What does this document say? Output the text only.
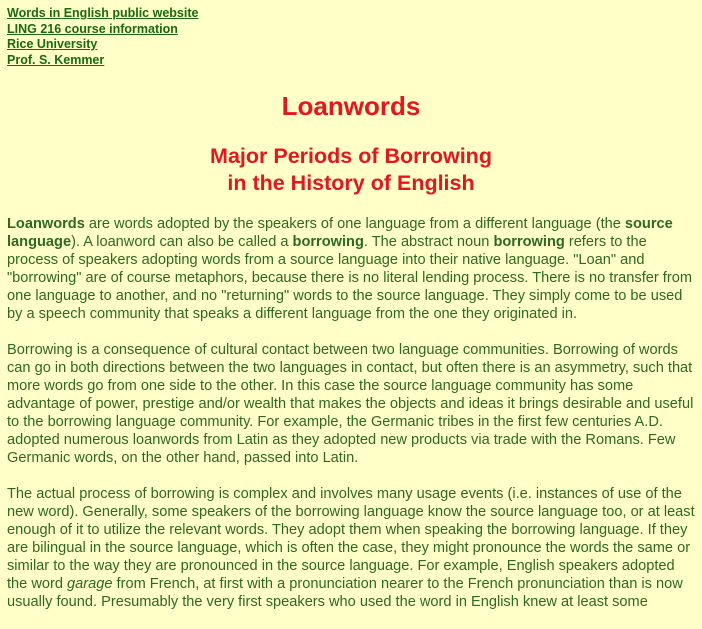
Words in English public website
LING 216 course information
Rice University
Prof. S. Kemmer
Loanwords
Major Periods of Borrowing
in the History of English

Loanwords are words adopted by the speakers of one language from a different language (the source language). A loanword can also be called a borrowing. The abstract noun borrowing refers to the process of speakers adopting words from a source language into their native language. "Loan" and "borrowing" are of course metaphors, because there is no literal lending process. There is no transfer from one language to another, and no "returning" words to the source language. They simply come to be used by a speech community that speaks a different language from the one they originated in.

Borrowing is a consequence of cultural contact between two language communities. Borrowing of words can go in both directions between the two languages in contact, but often there is an asymmetry, such that more words go from one side to the other. In this case the source language community has some advantage of power, prestige and/or wealth that makes the objects and ideas it brings desirable and useful to the borrowing language community. For example, the Germanic tribes in the first few centuries A.D. adopted numerous loanwords from Latin as they adopted new products via trade with the Romans. Few Germanic words, on the other hand, passed into Latin.

The actual process of borrowing is complex and involves many usage events (i.e. instances of use of the new word). Generally, some speakers of the borrowing language know the source language too, or at least enough of it to utilize the relevant words. They adopt them when speaking the borrowing language. If they are bilingual in the source language, which is often the case, they might pronounce the words the same or similar to the way they are pronounced in the source language. For example, English speakers adopted the word garage from French, at first with a pronunciation nearer to the French pronunciation than is now usually found. Presumably the very first speakers who used the word in English knew at least some
